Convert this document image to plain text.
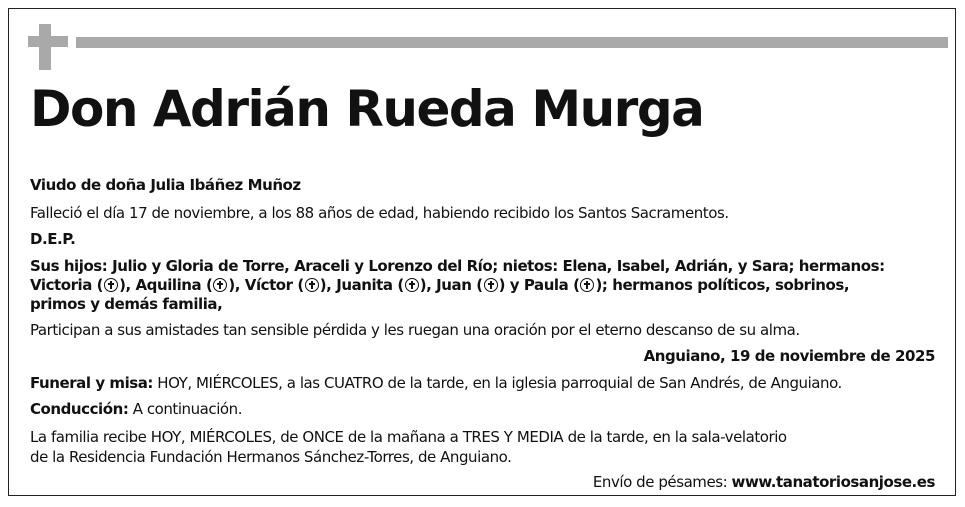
Don Adrián Rueda Murga
Viudo de doña Julia Ibáñez Muñoz
Falleció el día 17 de noviembre, a los 88 años de edad, habiendo recibido los Santos Sacramentos.
D.E.P.
Sus hijos: Julio y Gloria de Torre, Araceli y Lorenzo del Río; nietos: Elena, Isabel, Adrián, y Sara; hermanos:
Victoria ( ), Aquilina ( ), Víctor ( ), Juanita ( ), Juan ( ) y Paula ( ); hermanos políticos, sobrinos,
primos y demás familia,
Participan a sus amistades tan sensible pérdida y les ruegan una oración por el eterno descanso de su alma.
Anguiano, 19 de noviembre de 2025
Funeral y misa: HOY, MIÉRCOLES, a las CUATRO de la tarde, en la iglesia parroquial de San Andrés, de Anguiano.
Conducción: A continuación.
La familia recibe HOY, MIÉRCOLES, de ONCE de la mañana a TRES Y MEDIA de la tarde, en la sala-velatorio
de la Residencia Fundación Hermanos Sánchez-Torres, de Anguiano.
Envío de pésames: www.tanatoriosanjose.es
